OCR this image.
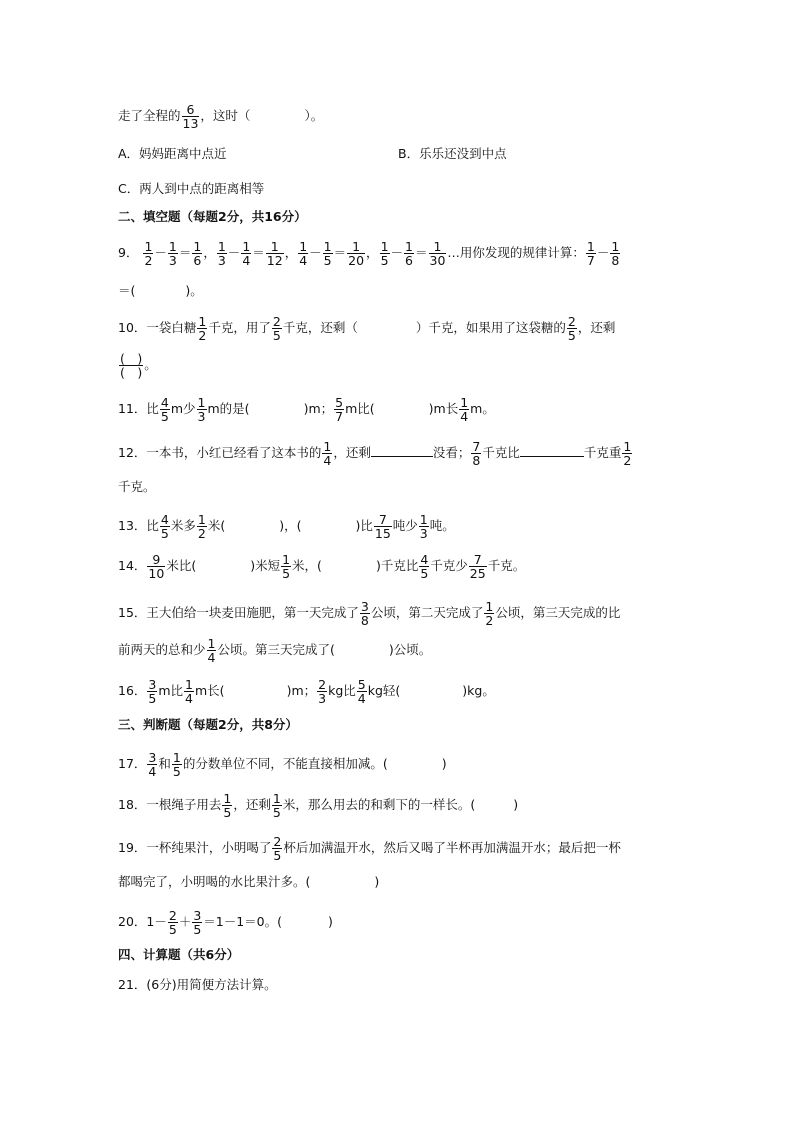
走了全程的 $\frac{6}{13}$ ，这时（	）。
A．妈妈距离中点近	B．乐乐还没到中点
C．两人到中点的距离相等
二、填空题（每题2分，共16分）
9． $\frac{1}{2} - \frac{1}{3} = \frac{1}{6}$ ， $\frac{1}{3} - \frac{1}{4} = \frac{1}{12}$ ， $\frac{1}{4} - \frac{1}{5} = \frac{1}{20}$ ， $\frac{1}{5} - \frac{1}{6} = \frac{1}{30}$ …用你发现的规律计算： $\frac{1}{7} - \frac{1}{8}$
＝(	)。
10．一袋白糖 $\frac{1}{2}$ 千克，用了 $\frac{2}{5}$ 千克，还剩（	）千克，如果用了这袋糖的 $\frac{2}{5}$ ，还剩
$\frac{( )}{( )}$ 。
11．比 $\frac{4}{5}$ m少 $\frac{1}{3}$ m的是(	)m； $\frac{5}{7}$ m比(	)m长 $\frac{1}{4}$ m。
12．一本书，小红已经看了这本书的 $\frac{1}{4}$ ，还剩	没看； $\frac{7}{8}$ 千克比	千克重 $\frac{1}{2}$
千克。
13．比 $\frac{4}{5}$ 米多 $\frac{1}{2}$ 米(	)，(	)比 $\frac{7}{15}$ 吨少 $\frac{1}{3}$ 吨。
14． $\frac{9}{10}$ 米比(	)米短 $\frac{1}{5}$ 米，(	)千克比 $\frac{4}{5}$ 千克少 $\frac{7}{25}$ 千克。
15．王大伯给一块麦田施肥，第一天完成了 $\frac{3}{8}$ 公顷，第二天完成了 $\frac{1}{2}$ 公顷，第三天完成的比
前两天的总和少 $\frac{1}{4}$ 公顷。第三天完成了(	)公顷。
16． $\frac{3}{5}$ m比 $\frac{1}{4}$ m长(	)m； $\frac{2}{3}$ kg比 $\frac{5}{4}$ kg轻(	)kg。
三、判断题（每题2分，共8分）
17． $\frac{3}{4}$ 和 $\frac{1}{5}$ 的分数单位不同，不能直接相加减。(	)
18．一根绳子用去 $\frac{1}{5}$ ，还剩 $\frac{1}{5}$ 米，那么用去的和剩下的一样长。(	)
19．一杯纯果汁，小明喝了 $\frac{2}{5}$ 杯后加满温开水，然后又喝了半杯再加满温开水；最后把一杯
都喝完了，小明喝的水比果汁多。(	)
20．$1- \frac{2}{5} + \frac{3}{5} =1-1=0$。(	)
四、计算题（共6分）
21．(6分)用简便方法计算。
